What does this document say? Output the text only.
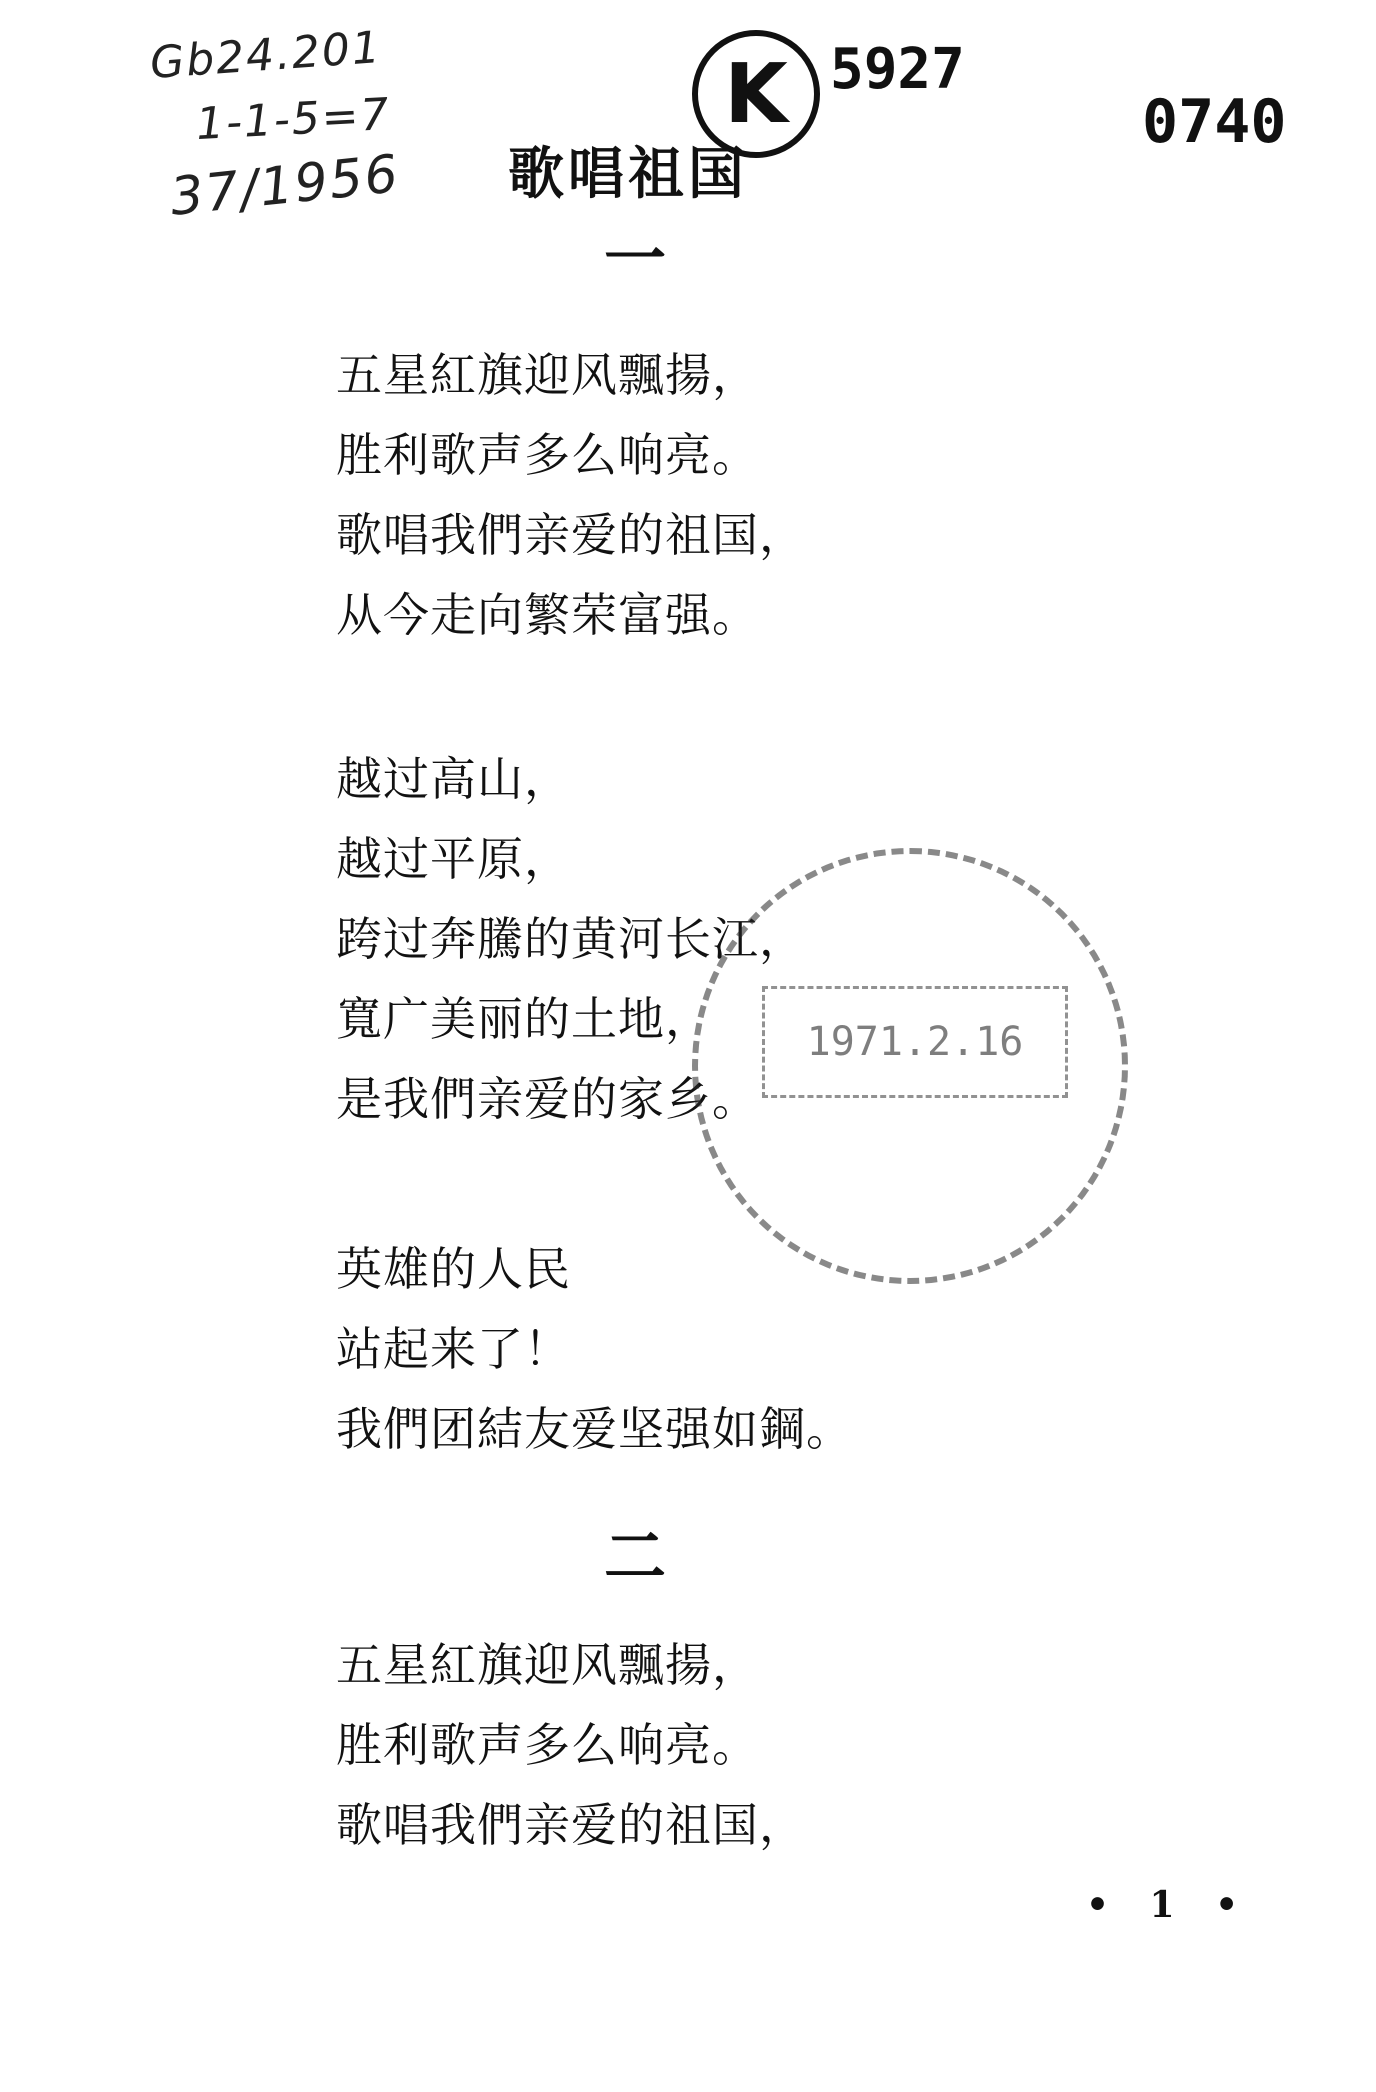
Gb24.201
1-1-5=7
37/1956
K 5927
0740
歌唱祖国
一
五星紅旗迎风飄揚，
胜利歌声多么响亮。
歌唱我們亲爱的祖国，
从今走向繁荣富强。
越过高山，
越过平原，
跨过奔騰的黄河长江，
寬广美丽的土地，
是我們亲爱的家乡。
英雄的人民
站起来了！
我們团結友爱坚强如鋼。
二
五星紅旗迎风飄揚，
胜利歌声多么响亮。
歌唱我們亲爱的祖国，
1971.2.16
• 1 •
